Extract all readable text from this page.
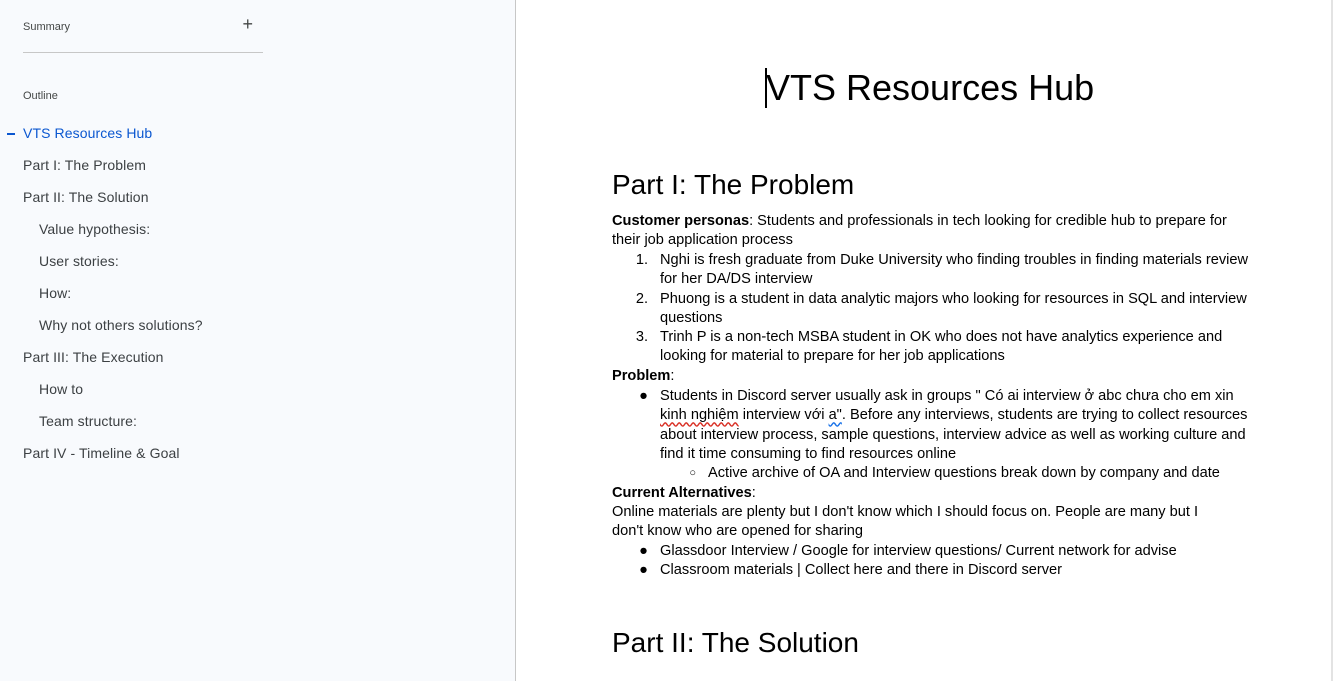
Summary	+
Outline
VTS Resources Hub
Part I: The Problem
Part II: The Solution
Value hypothesis:
User stories:
How:
Why not others solutions?
Part III: The Execution
How to
Team structure:
Part IV - Timeline & Goal
VTS Resources Hub
Part I: The Problem
Customer personas: Students and professionals in tech looking for credible hub to prepare for their job application process
1. Nghi is fresh graduate from Duke University who finding troubles in finding materials review for her DA/DS interview
2. Phuong is a student in data analytic majors who looking for resources in SQL and interview questions
3. Trinh P is a non-tech MSBA student in OK who does not have analytics experience and looking for material to prepare for her job applications
Problem:
● Students in Discord server usually ask in groups " Có ai interview ở abc chưa cho em xin kinh nghiệm interview với a". Before any interviews, students are trying to collect resources about interview process, sample questions, interview advice as well as working culture and find it time consuming to find resources online
○ Active archive of OA and Interview questions break down by company and date
Current Alternatives:
Online materials are plenty but I don't know which I should focus on. People are many but I don't know who are opened for sharing
● Glassdoor Interview / Google for interview questions/ Current network for advise
● Classroom materials | Collect here and there in Discord server
Part II: The Solution
